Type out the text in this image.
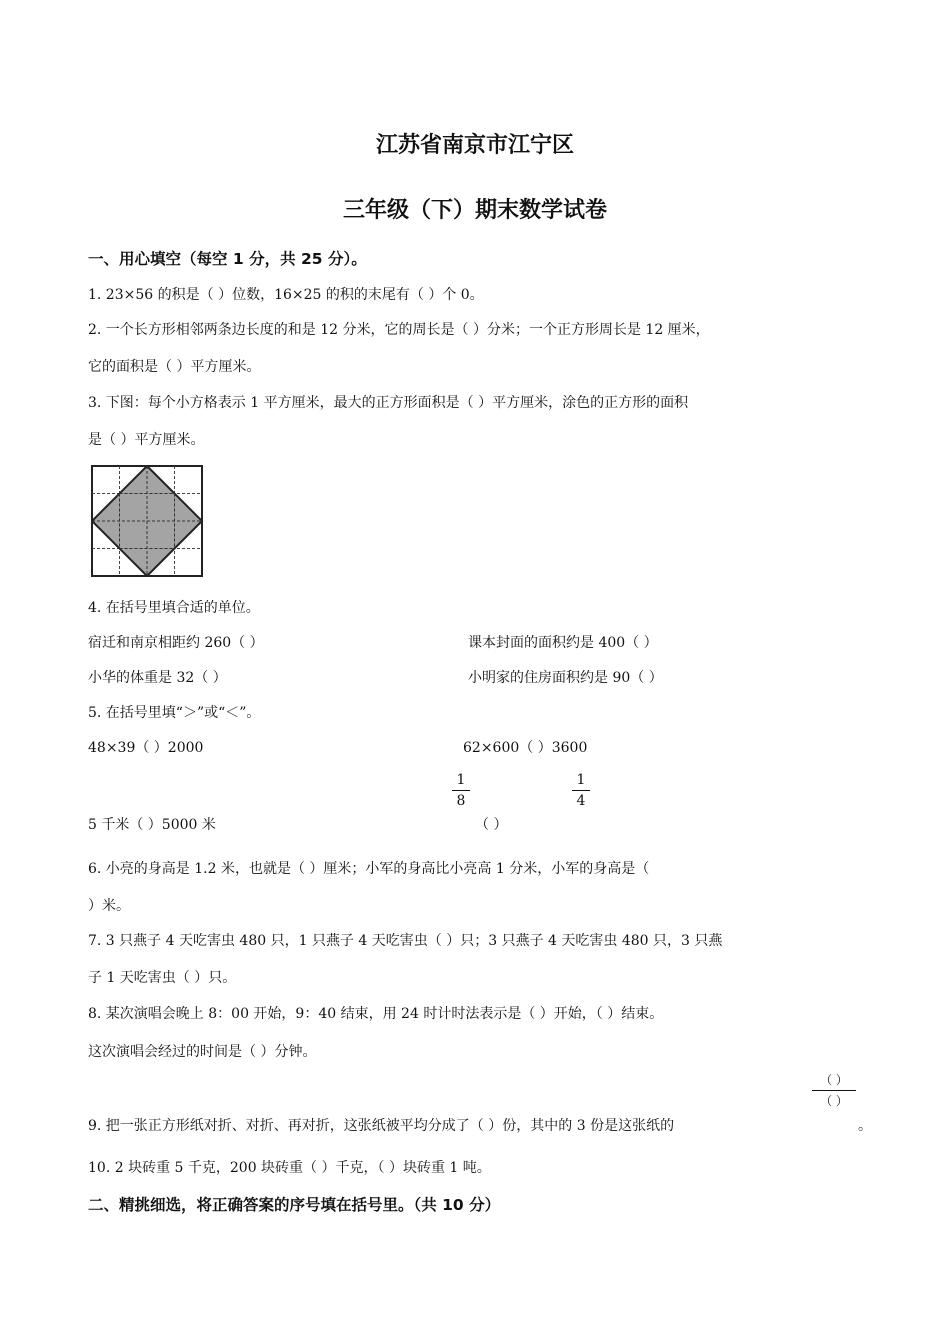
江苏省南京市江宁区
三年级（下）期末数学试卷
一、用心填空（每空 1 分，共 25 分）。
1. 23×56 的积是（ ）位数，16×25 的积的末尾有（ ）个 0。
2. 一个长方形相邻两条边长度的和是 12 分米，它的周长是（ ）分米；一个正方形周长是 12 厘米，
它的面积是（ ）平方厘米。
3. 下图：每个小方格表示 1 平方厘米，最大的正方形面积是（ ）平方厘米，涂色的正方形的面积
是（ ）平方厘米。
4. 在括号里填合适的单位。
宿迁和南京相距约 260（ ）	课本封面的面积约是 400（ ）
小华的体重是 32（ ）	小明家的住房面积约是 90（ ）
5. 在括号里填“＞”或“＜”。
48×39（ ）2000	62×600（ ）3600
1
8
1
4
5 千米（ ）5000 米	（ ）
6. 小亮的身高是 1.2 米，也就是（ ）厘米；小军的身高比小亮高 1 分米，小军的身高是（
）米。
7. 3 只燕子 4 天吃害虫 480 只，1 只燕子 4 天吃害虫（ ）只；3 只燕子 4 天吃害虫 480 只，3 只燕
子 1 天吃害虫（ ）只。
8. 某次演唱会晚上 8：00 开始，9：40 结束，用 24 时计时法表示是（ ）开始，（ ）结束。
这次演唱会经过的时间是（ ）分钟。
（ ）
（ ）
9. 把一张正方形纸对折、对折、再对折，这张纸被平均分成了（ ）份，其中的 3 份是这张纸的	。
10. 2 块砖重 5 千克，200 块砖重（ ）千克，（ ）块砖重 1 吨。
二、精挑细选，将正确答案的序号填在括号里。（共 10 分）
